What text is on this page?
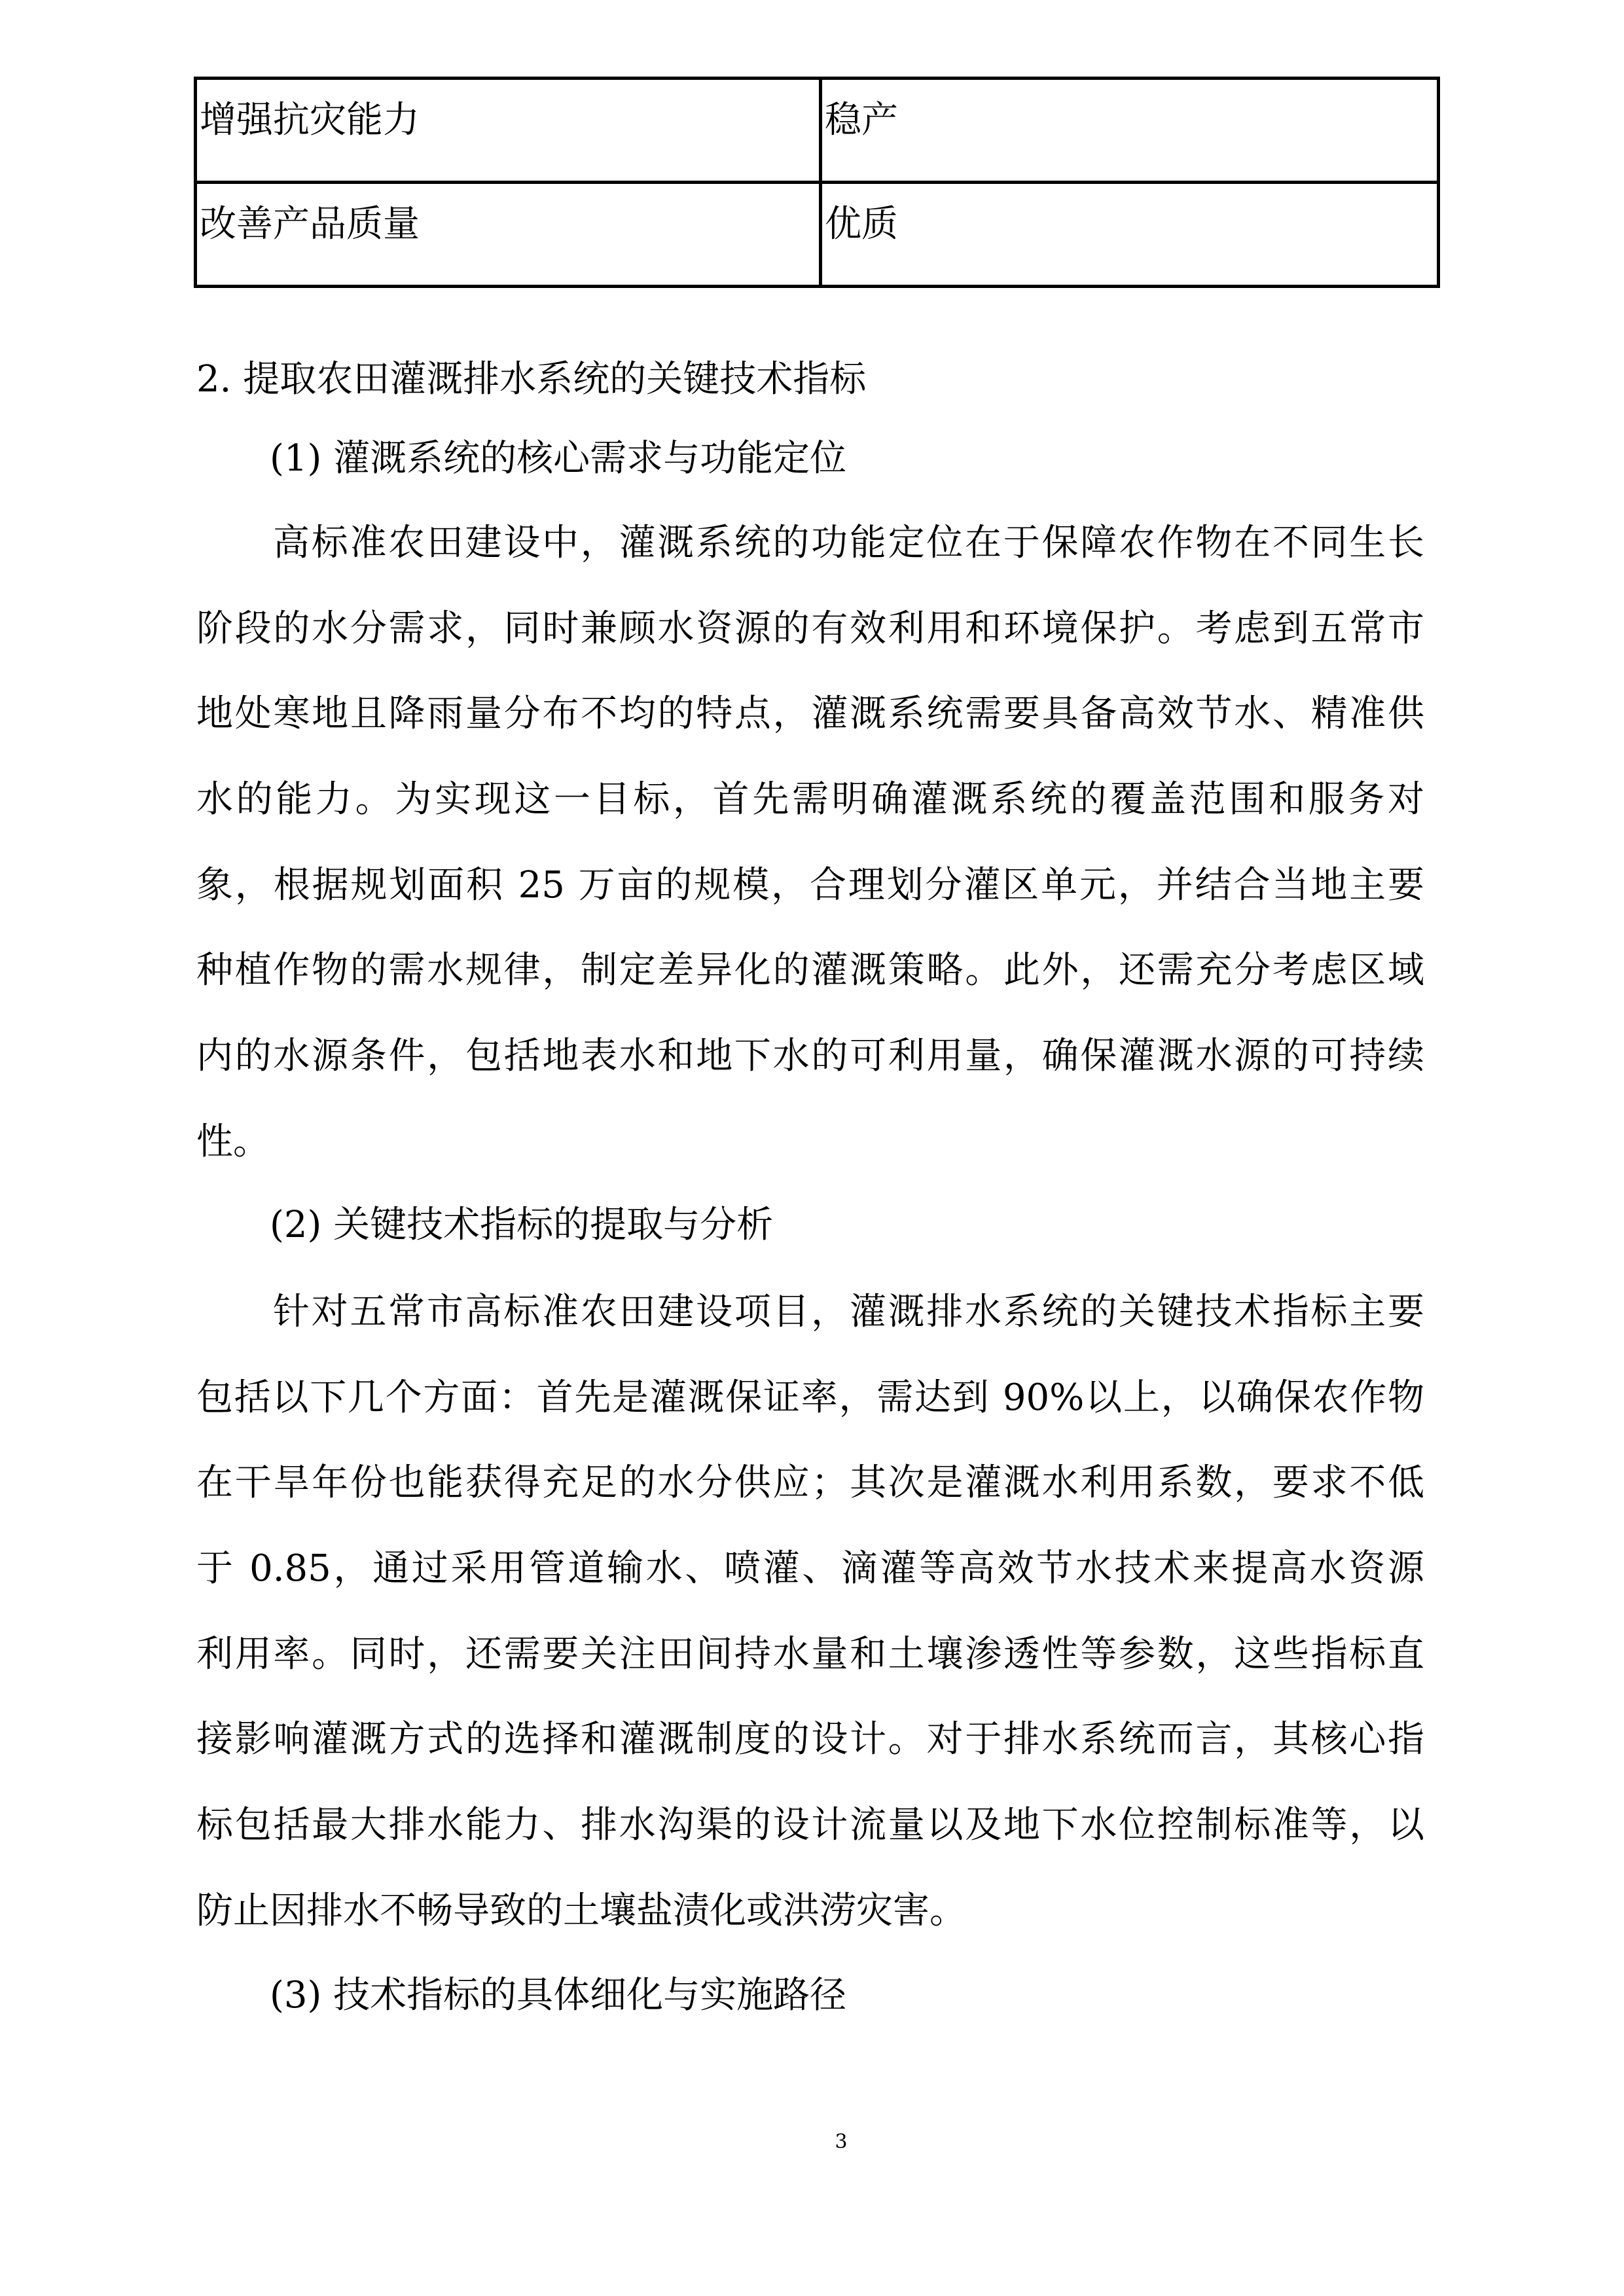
增强抗灾能力	稳产
改善产品质量	优质
2. 提取农田灌溉排水系统的关键技术指标
(1) 灌溉系统的核心需求与功能定位
高标准农田建设中，灌溉系统的功能定位在于保障农作物在不同生长
阶段的水分需求，同时兼顾水资源的有效利用和环境保护。考虑到五常市
地处寒地且降雨量分布不均的特点，灌溉系统需要具备高效节水、精准供
水的能力。为实现这一目标，首先需明确灌溉系统的覆盖范围和服务对
象，根据规划面积 25 万亩的规模，合理划分灌区单元，并结合当地主要
种植作物的需水规律，制定差异化的灌溉策略。此外，还需充分考虑区域
内的水源条件，包括地表水和地下水的可利用量，确保灌溉水源的可持续
性。
(2) 关键技术指标的提取与分析
针对五常市高标准农田建设项目，灌溉排水系统的关键技术指标主要
包括以下几个方面：首先是灌溉保证率，需达到 90%以上，以确保农作物
在干旱年份也能获得充足的水分供应；其次是灌溉水利用系数，要求不低
于 0.85，通过采用管道输水、喷灌、滴灌等高效节水技术来提高水资源
利用率。同时，还需要关注田间持水量和土壤渗透性等参数，这些指标直
接影响灌溉方式的选择和灌溉制度的设计。对于排水系统而言，其核心指
标包括最大排水能力、排水沟渠的设计流量以及地下水位控制标准等，以
防止因排水不畅导致的土壤盐渍化或洪涝灾害。
(3) 技术指标的具体细化与实施路径
3
